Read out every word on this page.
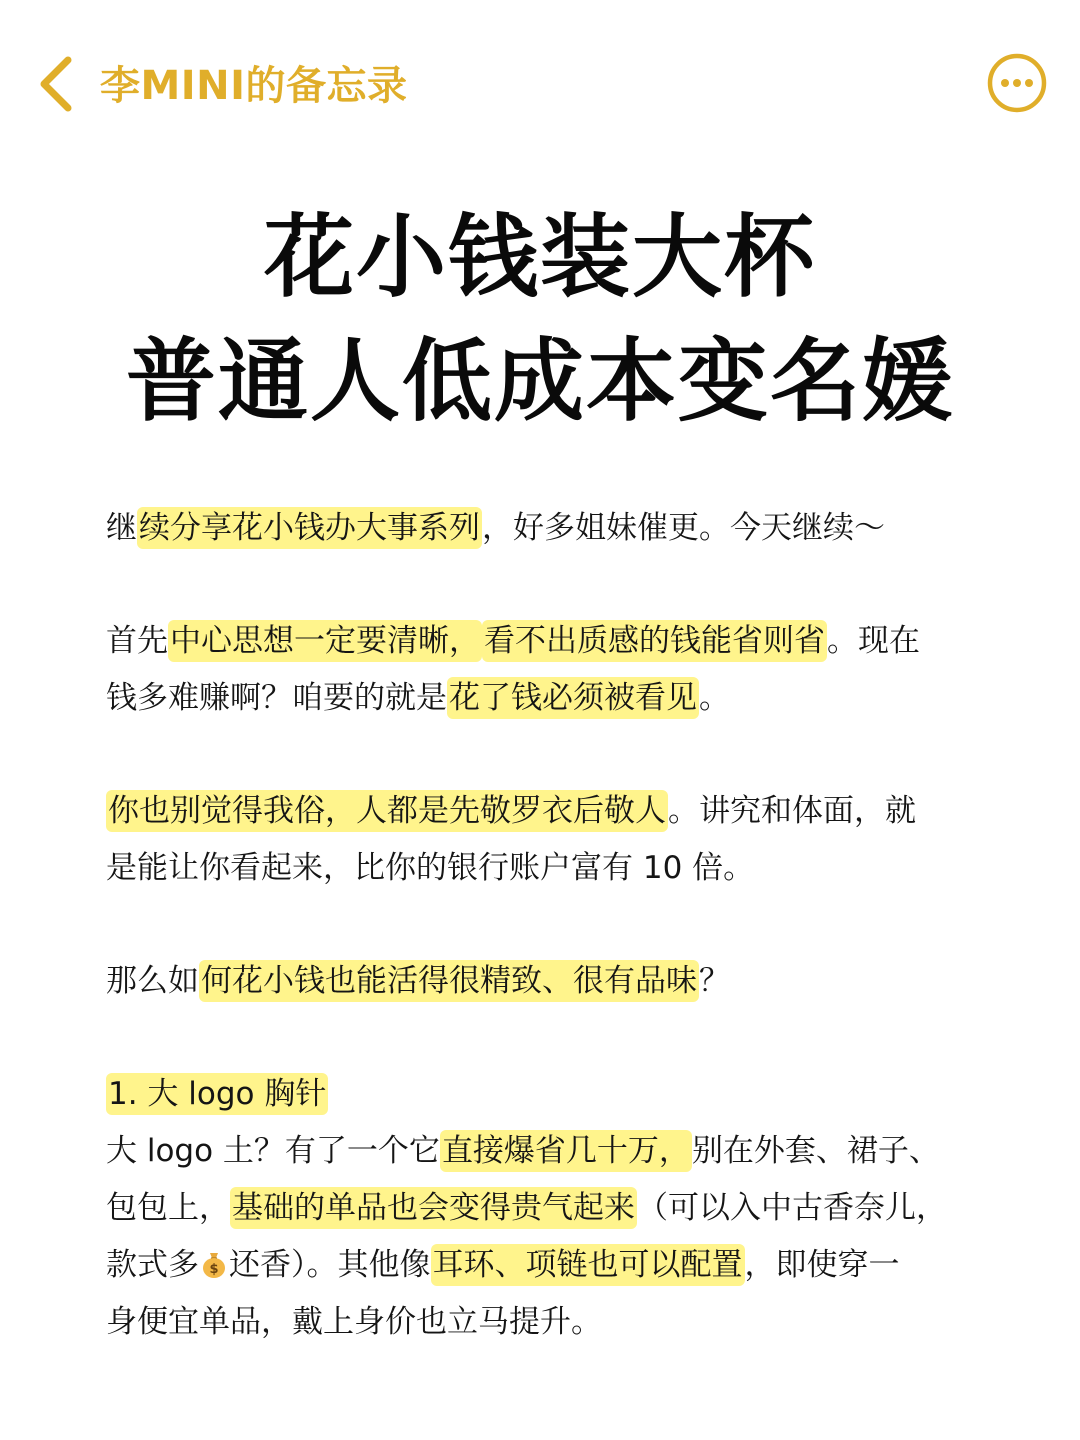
李MINI的备忘录
花小钱装大杯
普通人低成本变名媛

继续分享花小钱办大事系列，好多姐妹催更。今天继续～

首先中心思想一定要清晰， 看不出质感的钱能省则省。现在
钱多难赚啊？咱要的就是花了钱必须被看见。

你也别觉得我俗，人都是先敬罗衣后敬人。讲究和体面，就
是能让你看起来，比你的银行账户富有 10 倍。

那么如何花小钱也能活得很精致、很有品味？

1. 大 logo 胸针
大 logo 土？有了一个它直接爆省几十万，别在外套、裙子、
包包上，基础的单品也会变得贵气起来（可以入中古香奈儿，
款式多 $ 还香）。其他像耳环、项链也可以配置，即使穿一
身便宜单品，戴上身价也立马提升。
